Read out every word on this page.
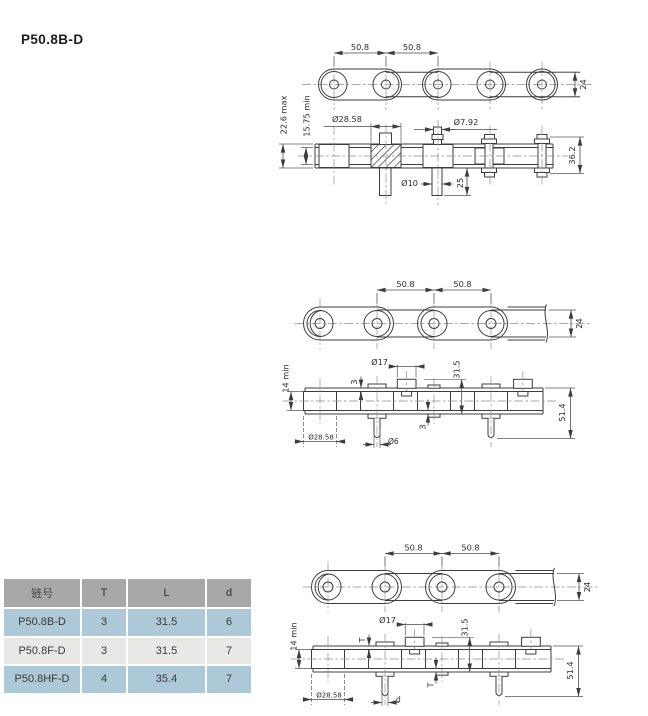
P50.8B-D	50.8	50.8
24
Ø28.58	Ø7.92
22.6 max 15.75 min
Ø10	25
36.2
50.8	50.8
24
Ø17	31.5
3
3
14 min
Ø28.58	Ø6
51.4
50.8	50.8
24
Ø17	31.5
T
T
14 min
Ø28.58	d
51.4
链号	T	L	d
P50.8B-D	3	31.5	6
P50.8F-D	3	31.5	7
P50.8HF-D	4	35.4	7
